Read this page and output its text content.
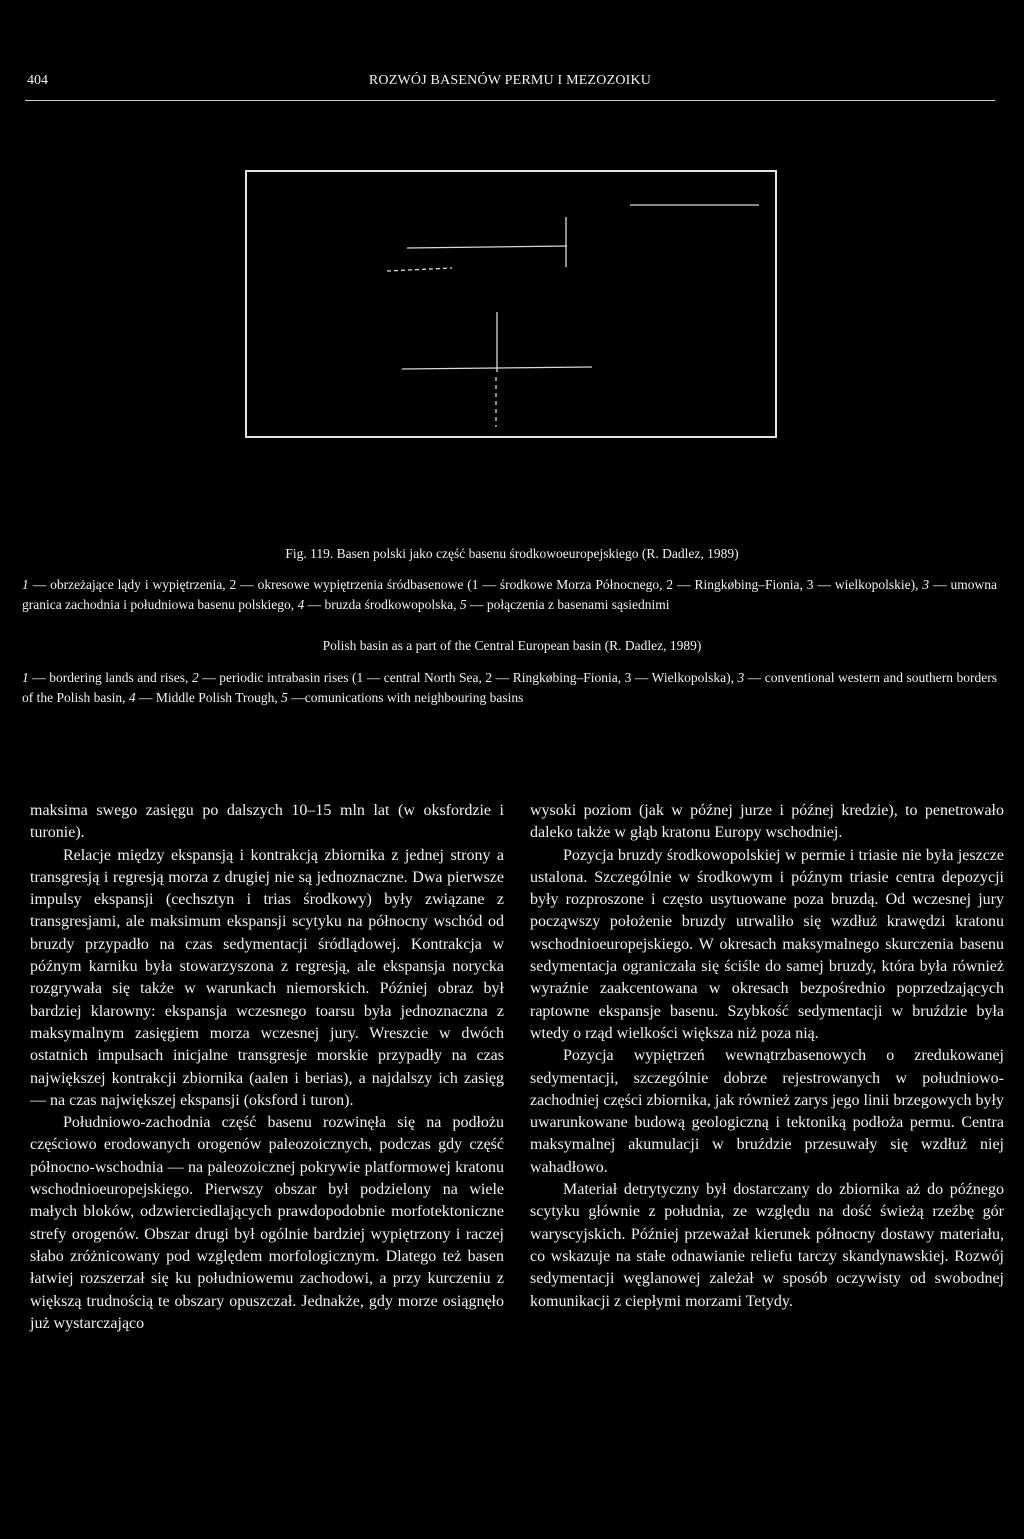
404	ROZWÓJ BASENÓW PERMU I MEZOZOIKU
Fig. 119. Basen polski jako część basenu środkowoeuropejskiego (R. Dadlez, 1989)
1 — obrzeżające lądy i wypiętrzenia, 2 — okresowe wypiętrzenia śródbasenowe (1 — środkowe Morza Północnego, 2 — Ringkøbing–Fionia, 3 — wielkopolskie), 3 — umowna granica zachodnia i południowa basenu polskiego, 4 — bruzda środkowopolska, 5 — połączenia z basenami sąsiednimi
Polish basin as a part of the Central European basin (R. Dadlez, 1989)
1 — bordering lands and rises, 2 — periodic intrabasin rises (1 — central North Sea, 2 — Ringkøbing–Fionia, 3 — Wielkopolska), 3 — conventional western and southern borders of the Polish basin, 4 — Middle Polish Trough, 5 —comunications with neighbouring basins

maksima swego zasięgu po dalszych 10–15 mln lat (w oksfordzie i turonie).

Relacje między ekspansją i kontrakcją zbiornika z jednej strony a transgresją i regresją morza z drugiej nie są jednoznaczne. Dwa pierwsze impulsy ekspansji (cechsztyn i trias środkowy) były związane z transgresjami, ale maksimum ekspansji scytyku na północny wschód od bruzdy przypadło na czas sedymentacji śródlądowej. Kontrakcja w późnym karniku była stowarzyszona z regresją, ale ekspansja norycka rozgrywała się także w warunkach niemorskich. Później obraz był bardziej klarowny: ekspansja wczesnego toarsu była jednoznaczna z maksymalnym zasięgiem morza wczesnej jury. Wreszcie w dwóch ostatnich impulsach inicjalne transgresje morskie przypadły na czas największej kontrakcji zbiornika (aalen i berias), a najdalszy ich zasięg — na czas największej ekspansji (oksford i turon).

Południowo-zachodnia część basenu rozwinęła się na podłożu częściowo erodowanych orogenów paleozoicznych, podczas gdy część północno-wschodnia — na paleozoicznej pokrywie platformowej kratonu wschodnioeuropejskiego. Pierwszy obszar był podzielony na wiele małych bloków, odzwierciedlających prawdopodobnie morfotektoniczne strefy orogenów. Obszar drugi był ogólnie bardziej wypiętrzony i raczej słabo zróżnicowany pod względem morfologicznym. Dlatego też basen łatwiej rozszerzał się ku południowemu zachodowi, a przy kurczeniu z większą trudnością te obszary opuszczał. Jednakże, gdy morze osiągnęło już wystarczająco

wysoki poziom (jak w późnej jurze i późnej kredzie), to penetrowało daleko także w głąb kratonu Europy wschodniej.

Pozycja bruzdy środkowopolskiej w permie i triasie nie była jeszcze ustalona. Szczególnie w środkowym i późnym triasie centra depozycji były rozproszone i często usytuowane poza bruzdą. Od wczesnej jury począwszy położenie bruzdy utrwaliło się wzdłuż krawędzi kratonu wschodnioeuropejskiego. W okresach maksymalnego skurczenia basenu sedymentacja ograniczała się ściśle do samej bruzdy, która była również wyraźnie zaakcentowana w okresach bezpośrednio poprzedzających raptowne ekspansje basenu. Szybkość sedymentacji w bruździe była wtedy o rząd wielkości większa niż poza nią.

Pozycja wypiętrzeń wewnątrzbasenowych o zredukowanej sedymentacji, szczególnie dobrze rejestrowanych w południowo-zachodniej części zbiornika, jak również zarys jego linii brzegowych były uwarunkowane budową geologiczną i tektoniką podłoża permu. Centra maksymalnej akumulacji w bruździe przesuwały się wzdłuż niej wahadłowo.

Materiał detrytyczny był dostarczany do zbiornika aż do późnego scytyku głównie z południa, ze względu na dość świeżą rzeźbę gór waryscyjskich. Później przeważał kierunek północny dostawy materiału, co wskazuje na stałe odnawianie reliefu tarczy skandynawskiej. Rozwój sedymentacji węglanowej zależał w sposób oczywisty od swobodnej komunikacji z ciepłymi morzami Tetydy.
